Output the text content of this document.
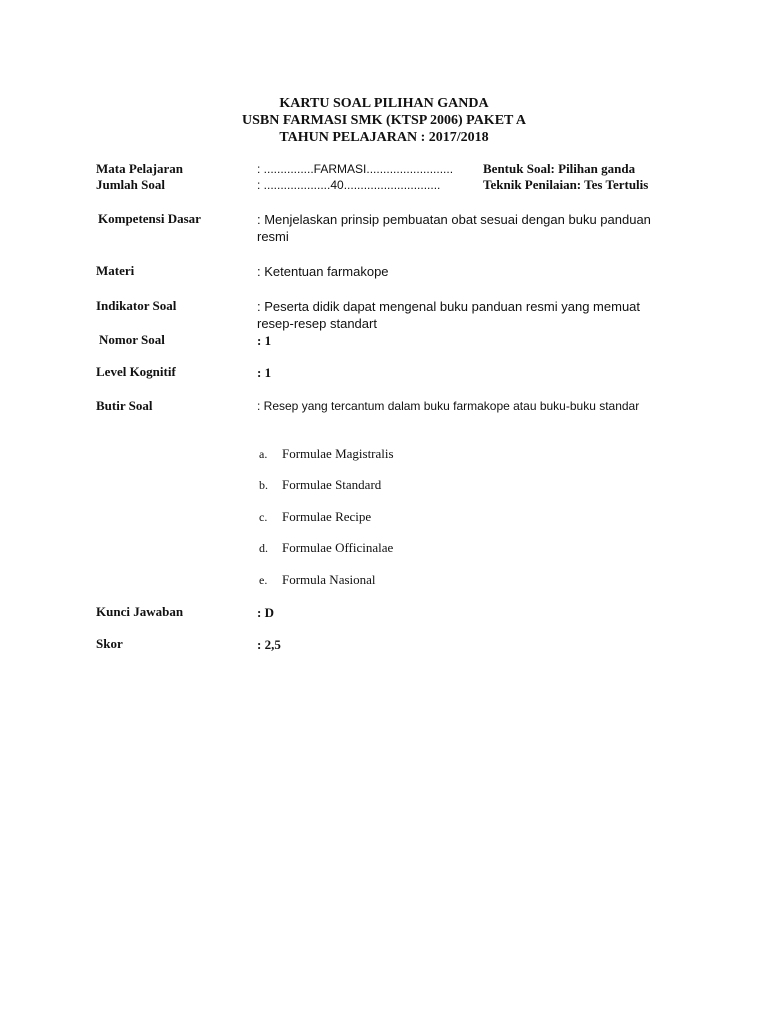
KARTU SOAL PILIHAN GANDA
USBN FARMASI SMK (KTSP 2006) PAKET A
TAHUN PELAJARAN : 2017/2018
Mata Pelajaran	: ...............FARMASI..........................	Bentuk Soal: Pilihan ganda
Jumlah Soal	: ....................40.............................	Teknik Penilaian: Tes Tertulis
Kompetensi Dasar	: Menjelaskan prinsip pembuatan obat sesuai dengan buku panduan resmi
Materi	: Ketentuan farmakope
Indikator Soal	: Peserta didik dapat mengenal buku panduan resmi yang memuat resep-resep standart
Nomor Soal	: 1
Level Kognitif	: 1
Butir Soal	: Resep yang tercantum dalam buku farmakope atau buku-buku standar
a. Formulae Magistralis
b. Formulae Standard
c. Formulae Recipe
d. Formulae Officinalae
e. Formula Nasional
Kunci Jawaban	: D
Skor	: 2,5
